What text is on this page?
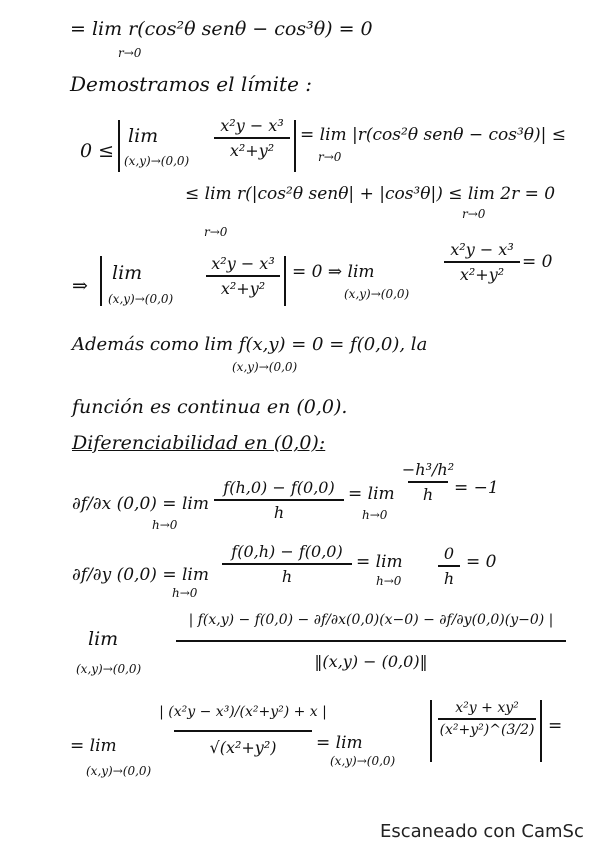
= lim r(cos²θ senθ − cos³θ) = 0
r→0
Demostramos el límite :
0 ≤
lim
(x,y)→(0,0)
x²y − x³
x²+y²
= lim |r(cos²θ senθ − cos³θ)| ≤
r→0
≤ lim r(|cos²θ senθ| + |cos³θ|) ≤ lim 2r = 0
r→0
r→0
⇒
lim
(x,y)→(0,0)
x²y − x³
x²+y²
= 0 ⇒ lim
(x,y)→(0,0)
x²y − x³
x²+y²
= 0
Además como lim f(x,y) = 0 = f(0,0), la
(x,y)→(0,0)
función es continua en (0,0).
Diferenciabilidad en (0,0):
∂f/∂x (0,0) = lim
h→0
f(h,0) − f(0,0)
h
= lim
h→0
−h³/h²
h = −1
∂f/∂y (0,0) = lim
h→0
f(0,h) − f(0,0)
h
= lim
h→0
0
h
= 0
lim
(x,y)→(0,0)
| f(x,y) − f(0,0) − ∂f/∂x(0,0)(x−0) − ∂f/∂y(0,0)(y−0) |
‖(x,y) − (0,0)‖
= lim
(x,y)→(0,0)
| (x²y − x³)/(x²+y²) + x |
√(x²+y²) = lim
(x,y)→(0,0)
x²y + xy²
(x²+y²)^(3/2) =
Escaneado con CamSc
